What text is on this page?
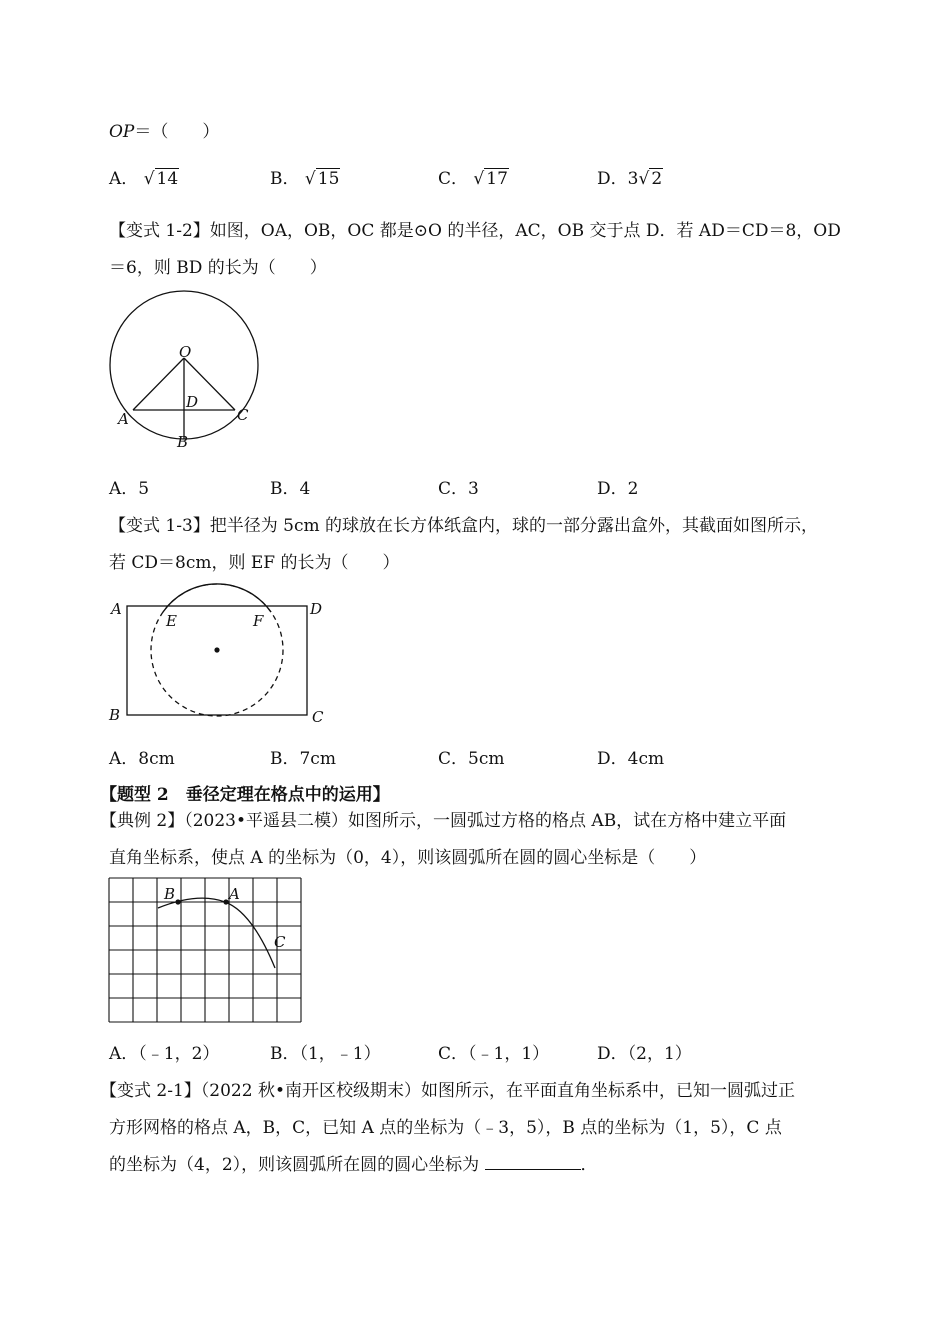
OP＝（　　）
A． √ 14	B． √ 15	C． √ 17	D．3√ 2
【变式 1-2】如图，OA，OB，OC 都是⊙O 的半径，AC，OB 交于点 D．若 AD＝CD＝8，OD
＝6，则 BD 的长为（　　）
O
D
A
B
C
A．5	B．4	C．3	D．2
【变式 1-3】把半径为 5cm 的球放在长方体纸盒内，球的一部分露出盒外，其截面如图所示，
若 CD＝8cm，则 EF 的长为（　　）
A	D
E	F
B	C
A．8cm	B．7cm	C．5cm	D．4cm
【题型 2　垂径定理在格点中的运用】
【典例 2】（2023•平遥县二模）如图所示，一圆弧过方格的格点 AB，试在方格中建立平面
直角坐标系，使点 A 的坐标为（0，4），则该圆弧所在圆的圆心坐标是（　　）
B	A
C
A．（﹣1，2）	B．（1，﹣1）	C．（﹣1，1）	D．（2，1）
【变式 2-1】（2022 秋•南开区校级期末）如图所示，在平面直角坐标系中，已知一圆弧过正
方形网格的格点 A，B，C，已知 A 点的坐标为（﹣3，5），B 点的坐标为（1，5），C 点
的坐标为（4，2），则该圆弧所在圆的圆心坐标为	．
